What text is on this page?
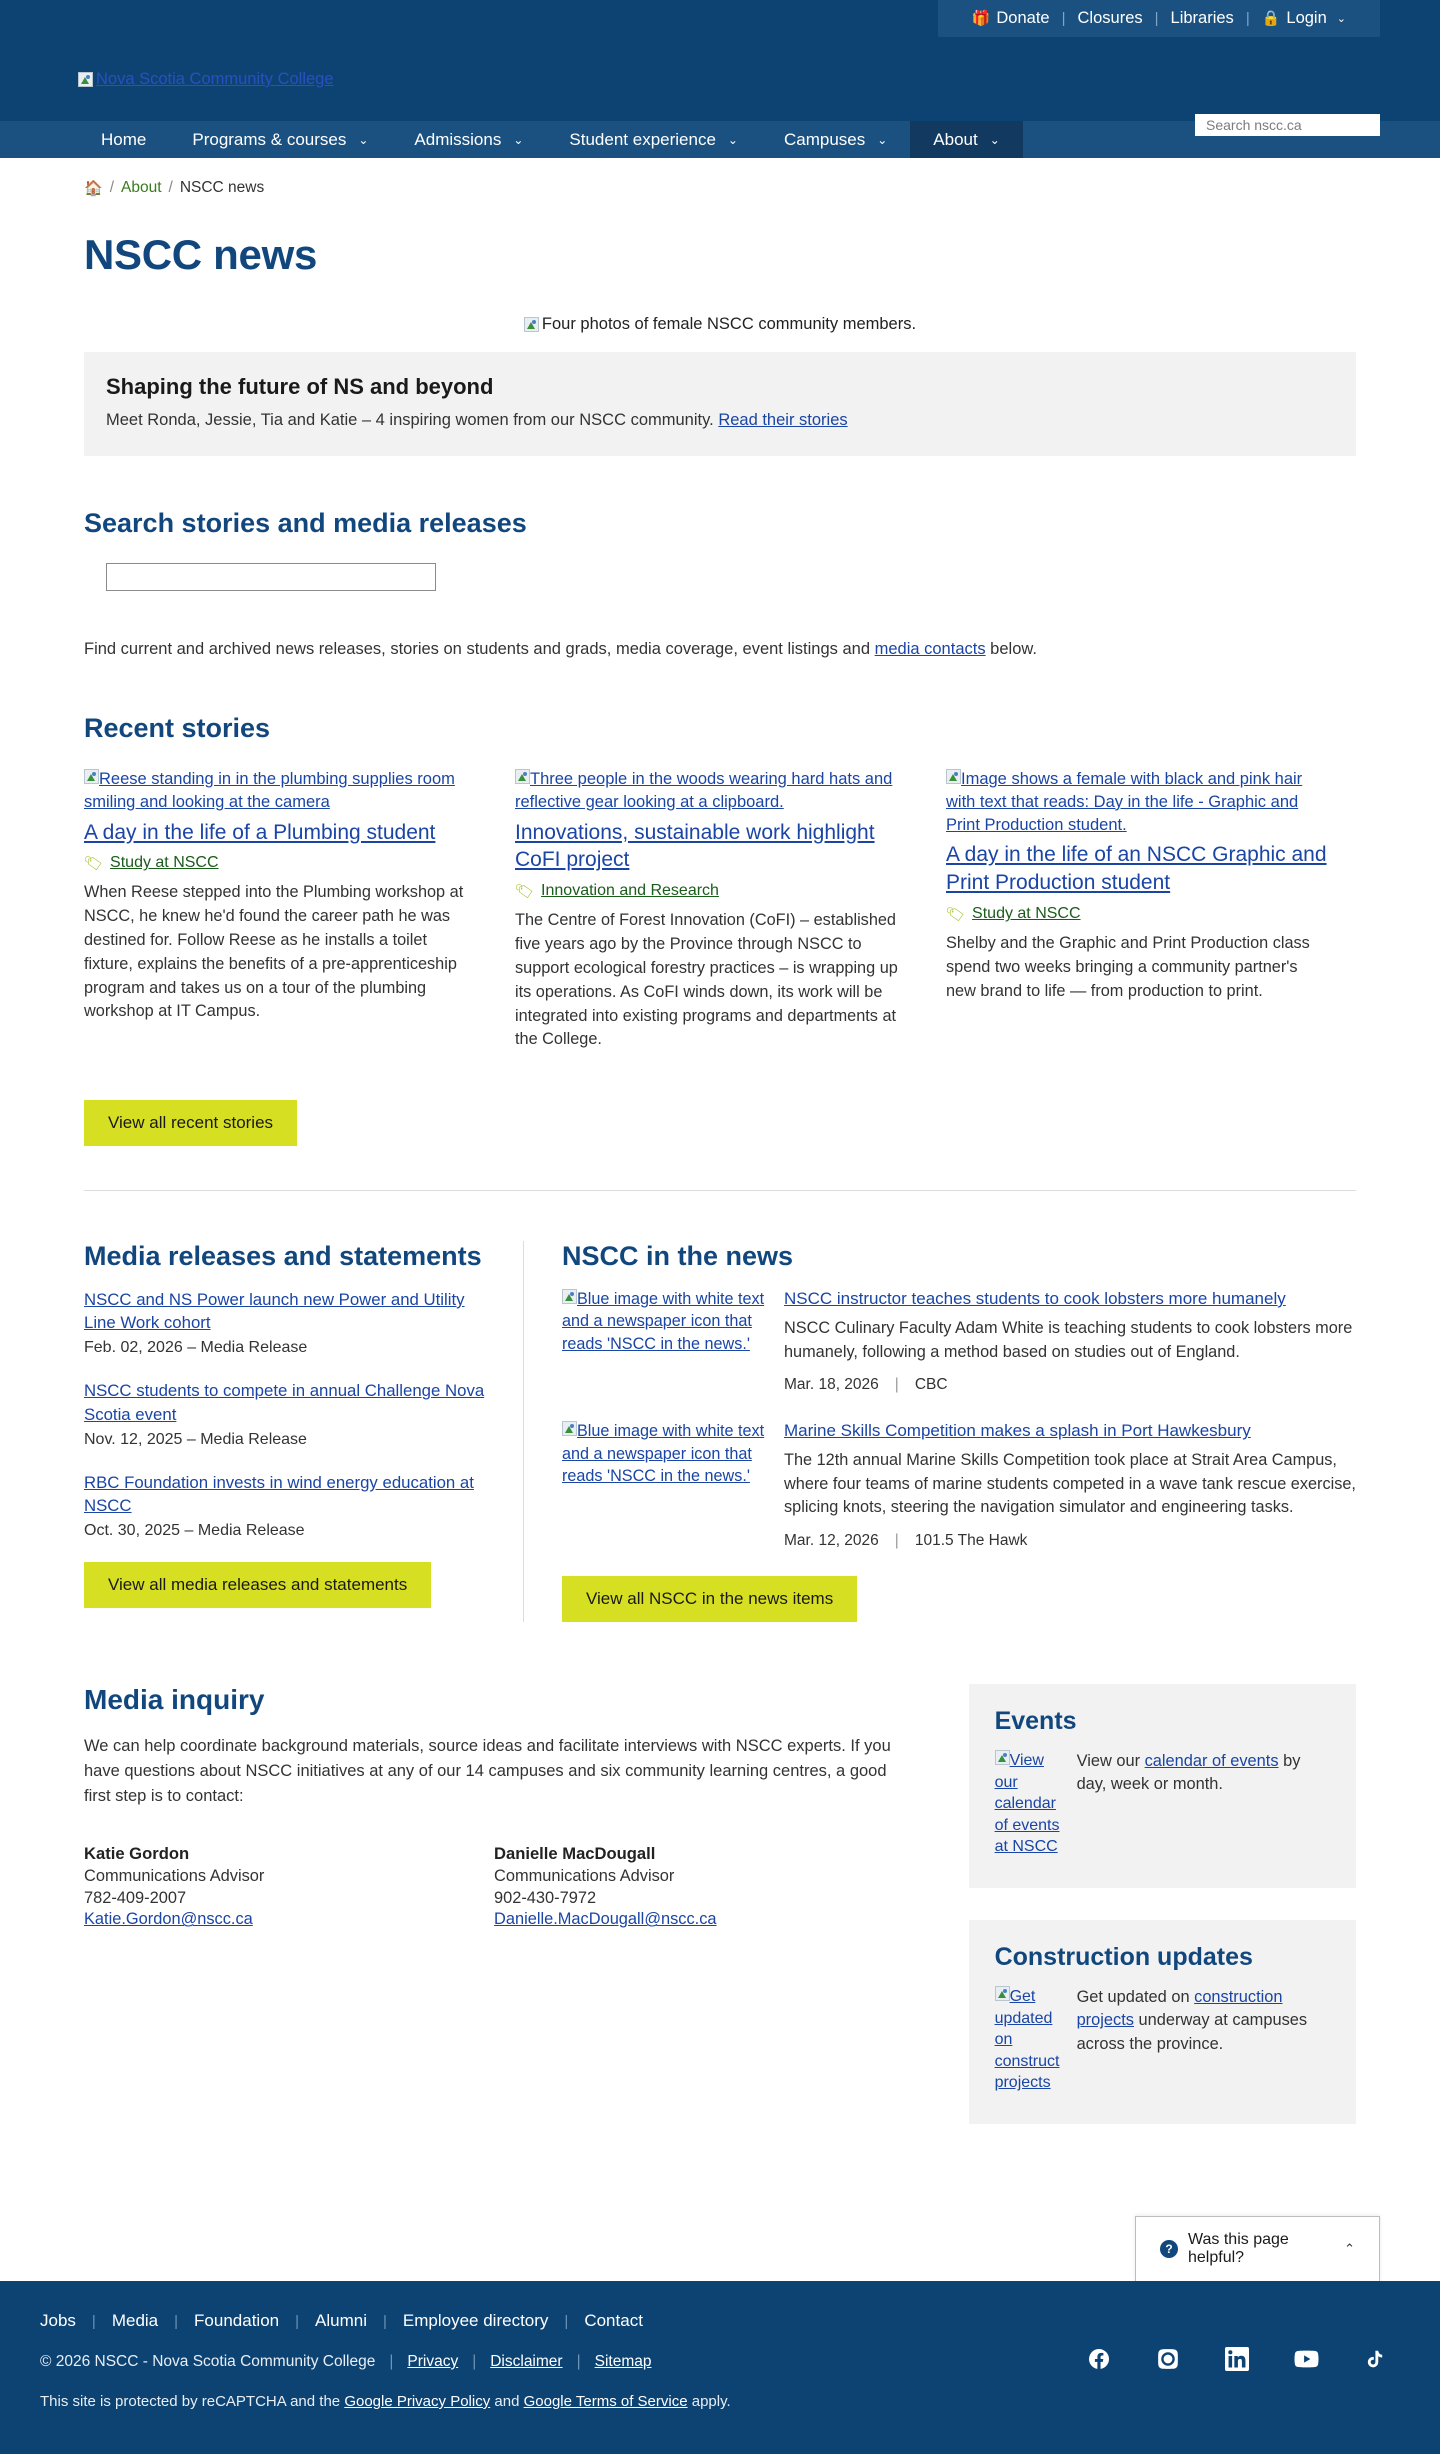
🎁 Donate | Closures | Libraries | 🔒 Login ⌄
Nova Scotia Community College
Search nscc.ca
Home	Programs & courses ⌄	Admissions ⌄	Student experience ⌄	Campuses ⌄	About ⌄
🏠 / About / NSCC news
NSCC news
Four photos of female NSCC community members.
Shaping the future of NS and beyond

Meet Ronda, Jessie, Tia and Katie – 4 inspiring women from our NSCC community. Read their stories

Search stories and media releases

Find current and archived news releases, stories on students and grads, media coverage, event listings and media contacts below.

Recent stories
Reese standing in in the plumbing supplies room smiling and looking at the camera
A day in the life of a Plumbing student
🏷 Study at NSCC

When Reese stepped into the Plumbing workshop at NSCC, he knew he'd found the career path he was destined for. Follow Reese as he installs a toilet fixture, explains the benefits of a pre-apprenticeship program and takes us on a tour of the plumbing workshop at IT Campus.

Three people in the woods wearing hard hats and reflective gear looking at a clipboard.
Innovations, sustainable work highlight CoFI project
🏷 Innovation and Research

The Centre of Forest Innovation (CoFI) – established five years ago by the Province through NSCC to support ecological forestry practices – is wrapping up its operations. As CoFI winds down, its work will be integrated into existing programs and departments at the College.

Image shows a female with black and pink hair with text that reads: Day in the life - Graphic and Print Production student.
A day in the life of an NSCC Graphic and Print Production student
🏷 Study at NSCC

Shelby and the Graphic and Print Production class spend two weeks bringing a community partner's new brand to life — from production to print.

View all recent stories
Media releases and statements
NSCC and NS Power launch new Power and Utility Line Work cohort
Feb. 02, 2026 – Media Release
NSCC students to compete in annual Challenge Nova Scotia event
Nov. 12, 2025 – Media Release
RBC Foundation invests in wind energy education at NSCC
Oct. 30, 2025 – Media Release
View all media releases and statements
NSCC in the news
Blue image with white text and a newspaper icon that reads 'NSCC in the news.'
NSCC instructor teaches students to cook lobsters more humanely

NSCC Culinary Faculty Adam White is teaching students to cook lobsters more humanely, following a method based on studies out of England.

Mar. 18, 2026 | CBC
Blue image with white text and a newspaper icon that reads 'NSCC in the news.'
Marine Skills Competition makes a splash in Port Hawkesbury

The 12th annual Marine Skills Competition took place at Strait Area Campus, where four teams of marine students competed in a wave tank rescue exercise, splicing knots, steering the navigation simulator and engineering tasks.

Mar. 12, 2026 | 101.5 The Hawk
View all NSCC in the news items
Media inquiry

We can help coordinate background materials, source ideas and facilitate interviews with NSCC experts. If you have questions about NSCC initiatives at any of our 14 campuses and six community learning centres, a good first step is to contact:

Katie Gordon
Communications Advisor
782-409-2007
Katie.Gordon@nscc.ca
Danielle MacDougall
Communications Advisor
902-430-7972
Danielle.MacDougall@nscc.ca
Events
View our calendar of events at NSCC

View our calendar of events by day, week or month.

Construction updates
Get updated on construct projects

Get updated on construction projects underway at campuses across the province.

?
Was this page helpful?
⌃
Jobs	| Media	| Foundation	| Alumni	| Employee directory	| Contact
© 2026 NSCC - Nova Scotia Community College | Privacy | Disclaimer | Sitemap
This site is protected by reCAPTCHA and the Google Privacy Policy and Google Terms of Service apply.
